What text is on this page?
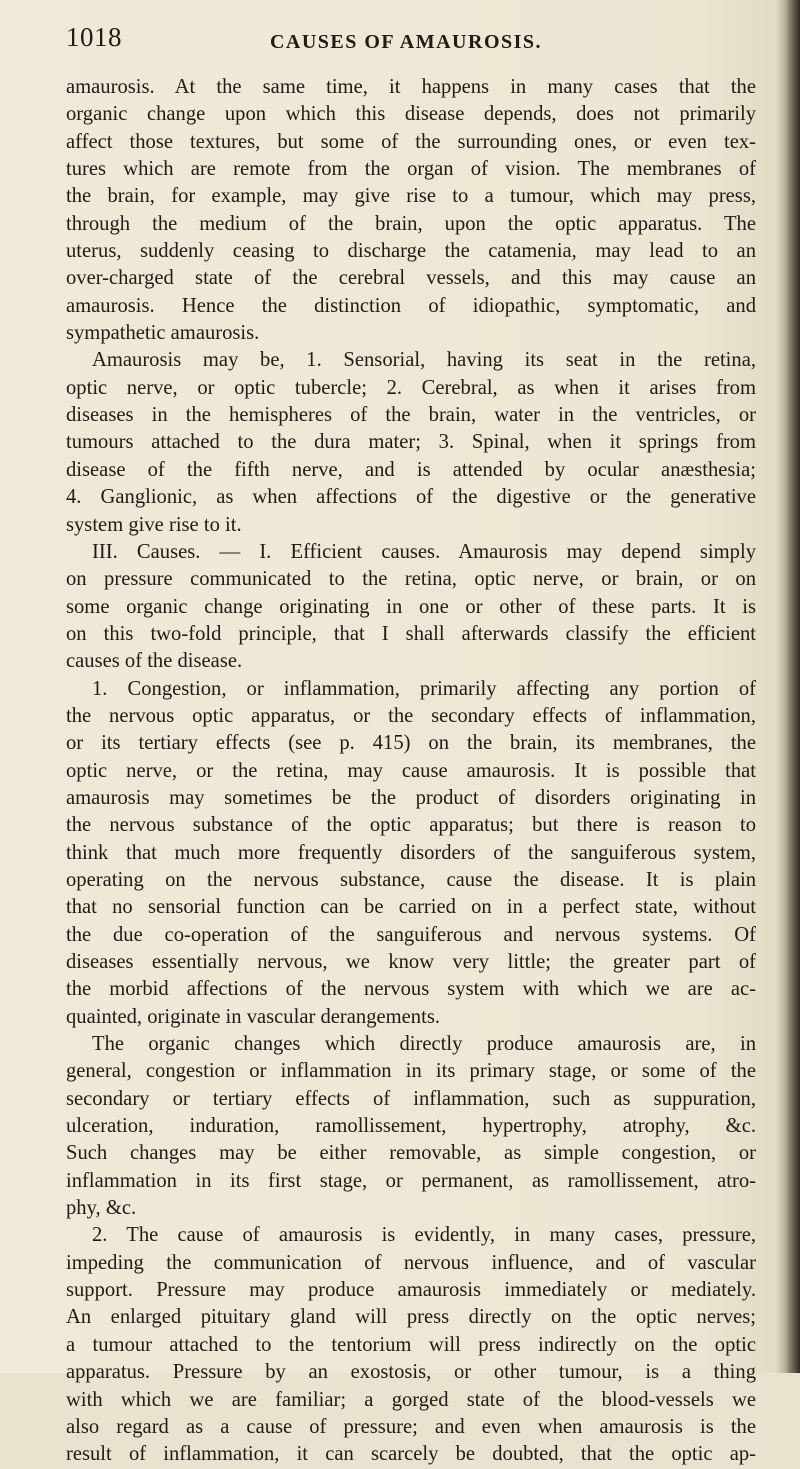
1018	CAUSES OF AMAUROSIS.
amaurosis. At the same time, it happens in many cases that the
organic change upon which this disease depends, does not primarily
affect those textures, but some of the surrounding ones, or even tex-
tures which are remote from the organ of vision. The membranes of
the brain, for example, may give rise to a tumour, which may press,
through the medium of the brain, upon the optic apparatus. The
uterus, suddenly ceasing to discharge the catamenia, may lead to an
over-charged state of the cerebral vessels, and this may cause an
amaurosis. Hence the distinction of idiopathic, symptomatic, and
sympathetic amaurosis.
Amaurosis may be, 1. Sensorial, having its seat in the retina,
optic nerve, or optic tubercle; 2. Cerebral, as when it arises from
diseases in the hemispheres of the brain, water in the ventricles, or
tumours attached to the dura mater; 3. Spinal, when it springs from
disease of the fifth nerve, and is attended by ocular anæsthesia;
4. Ganglionic, as when affections of the digestive or the generative
system give rise to it.
III. Causes. — I. Efficient causes. Amaurosis may depend simply
on pressure communicated to the retina, optic nerve, or brain, or on
some organic change originating in one or other of these parts. It is
on this two-fold principle, that I shall afterwards classify the efficient
causes of the disease.
1. Congestion, or inflammation, primarily affecting any portion of
the nervous optic apparatus, or the secondary effects of inflammation,
or its tertiary effects (see p. 415) on the brain, its membranes, the
optic nerve, or the retina, may cause amaurosis. It is possible that
amaurosis may sometimes be the product of disorders originating in
the nervous substance of the optic apparatus; but there is reason to
think that much more frequently disorders of the sanguiferous system,
operating on the nervous substance, cause the disease. It is plain
that no sensorial function can be carried on in a perfect state, without
the due co-operation of the sanguiferous and nervous systems. Of
diseases essentially nervous, we know very little; the greater part of
the morbid affections of the nervous system with which we are ac-
quainted, originate in vascular derangements.
The organic changes which directly produce amaurosis are, in
general, congestion or inflammation in its primary stage, or some of the
secondary or tertiary effects of inflammation, such as suppuration,
ulceration, induration, ramollissement, hypertrophy, atrophy, &c.
Such changes may be either removable, as simple congestion, or
inflammation in its first stage, or permanent, as ramollissement, atro-
phy, &c.
2. The cause of amaurosis is evidently, in many cases, pressure,
impeding the communication of nervous influence, and of vascular
support. Pressure may produce amaurosis immediately or mediately.
An enlarged pituitary gland will press directly on the optic nerves;
a tumour attached to the tentorium will press indirectly on the optic
apparatus. Pressure by an exostosis, or other tumour, is a thing
with which we are familiar; a gorged state of the blood-vessels we
also regard as a cause of pressure; and even when amaurosis is the
result of inflammation, it can scarcely be doubted, that the optic ap-
